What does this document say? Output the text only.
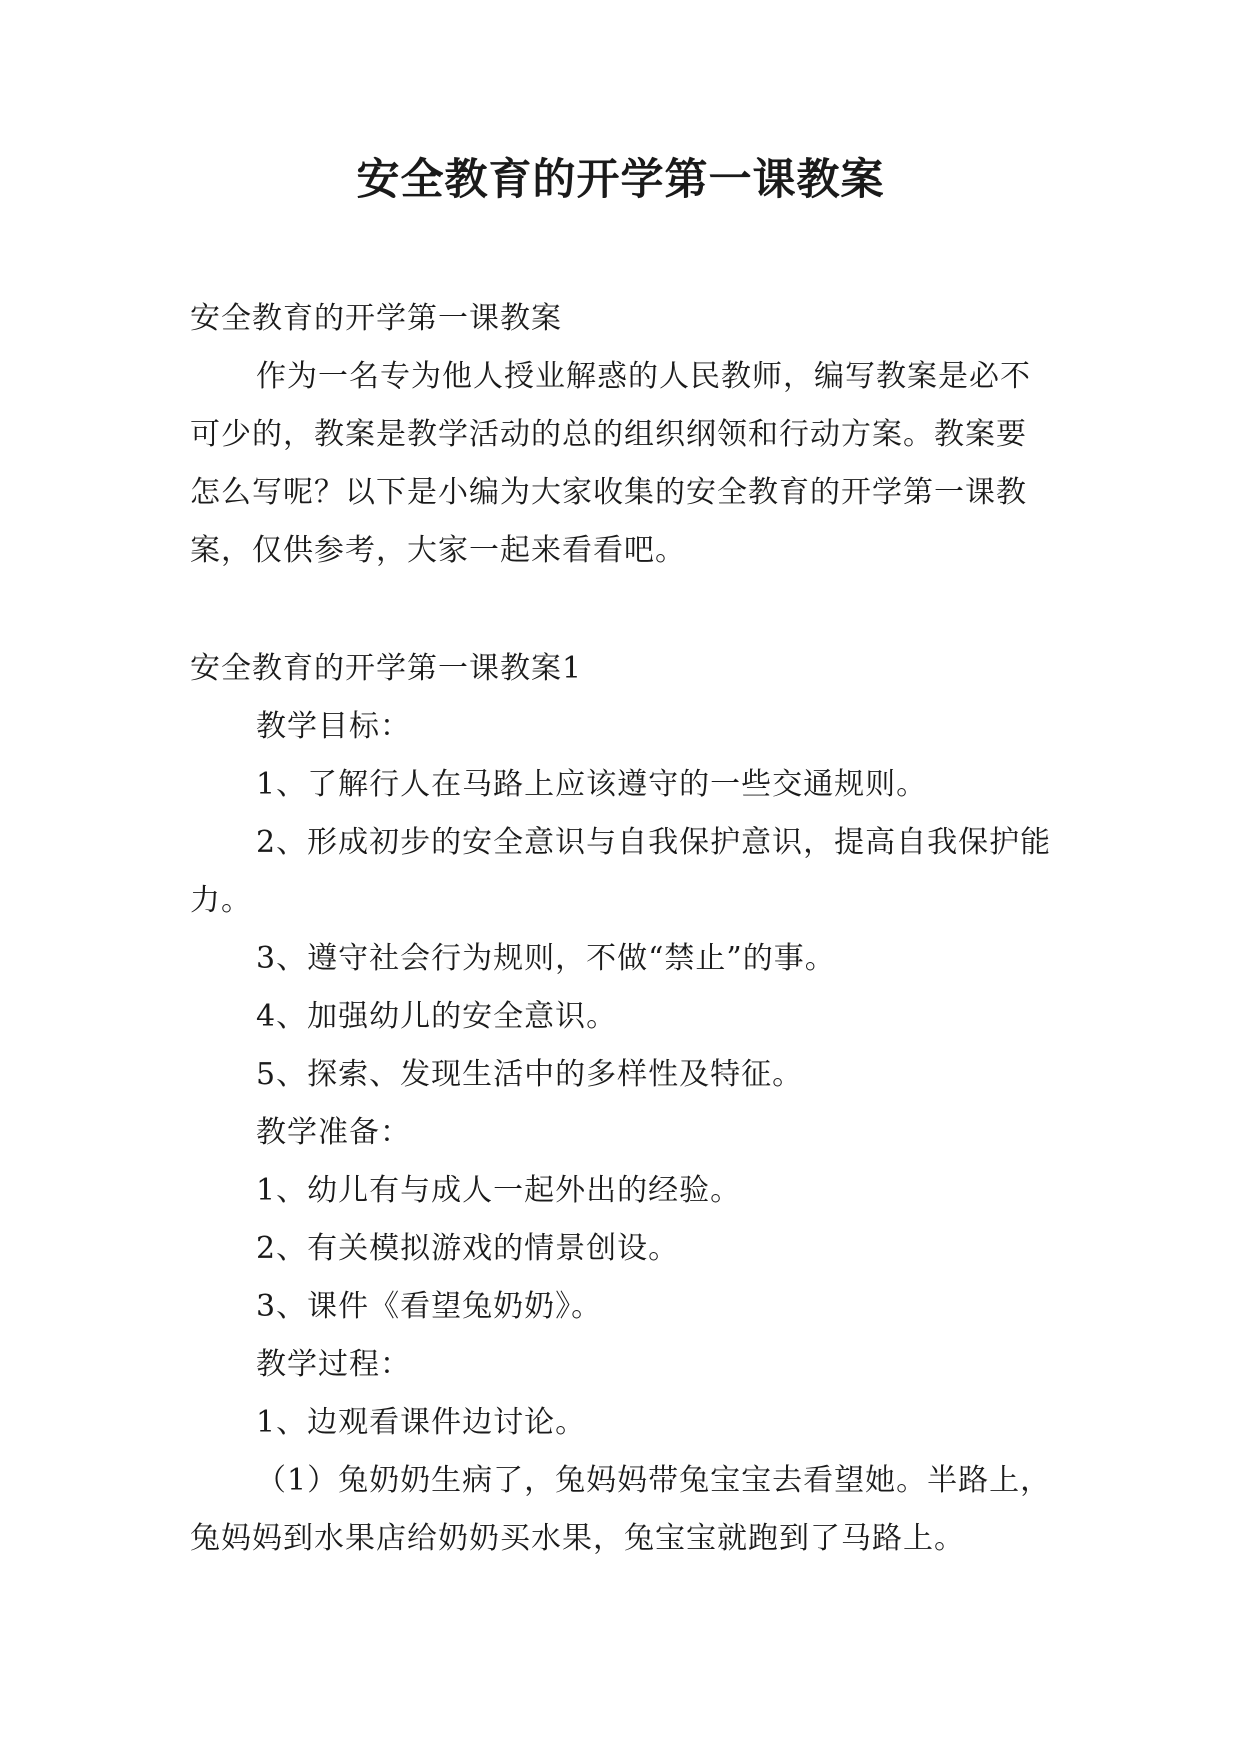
安全教育的开学第一课教案

安全教育的开学第一课教案

作为一名专为他人授业解惑的人民教师，编写教案是必不可少的，教案是教学活动的总的组织纲领和行动方案。教案要怎么写呢？以下是小编为大家收集的安全教育的开学第一课教案，仅供参考，大家一起来看看吧。

安全教育的开学第一课教案1

教学目标：

1、了解行人在马路上应该遵守的一些交通规则。

2、形成初步的安全意识与自我保护意识，提高自我保护能力。

3、遵守社会行为规则，不做“禁止”的事。

4、加强幼儿的安全意识。

5、探索、发现生活中的多样性及特征。

教学准备：

1、幼儿有与成人一起外出的经验。

2、有关模拟游戏的情景创设。

3、课件《看望兔奶奶》。

教学过程：

1、边观看课件边讨论。

（1）兔奶奶生病了，兔妈妈带兔宝宝去看望她。半路上，兔妈妈到水果店给奶奶买水果，兔宝宝就跑到了马路上。
